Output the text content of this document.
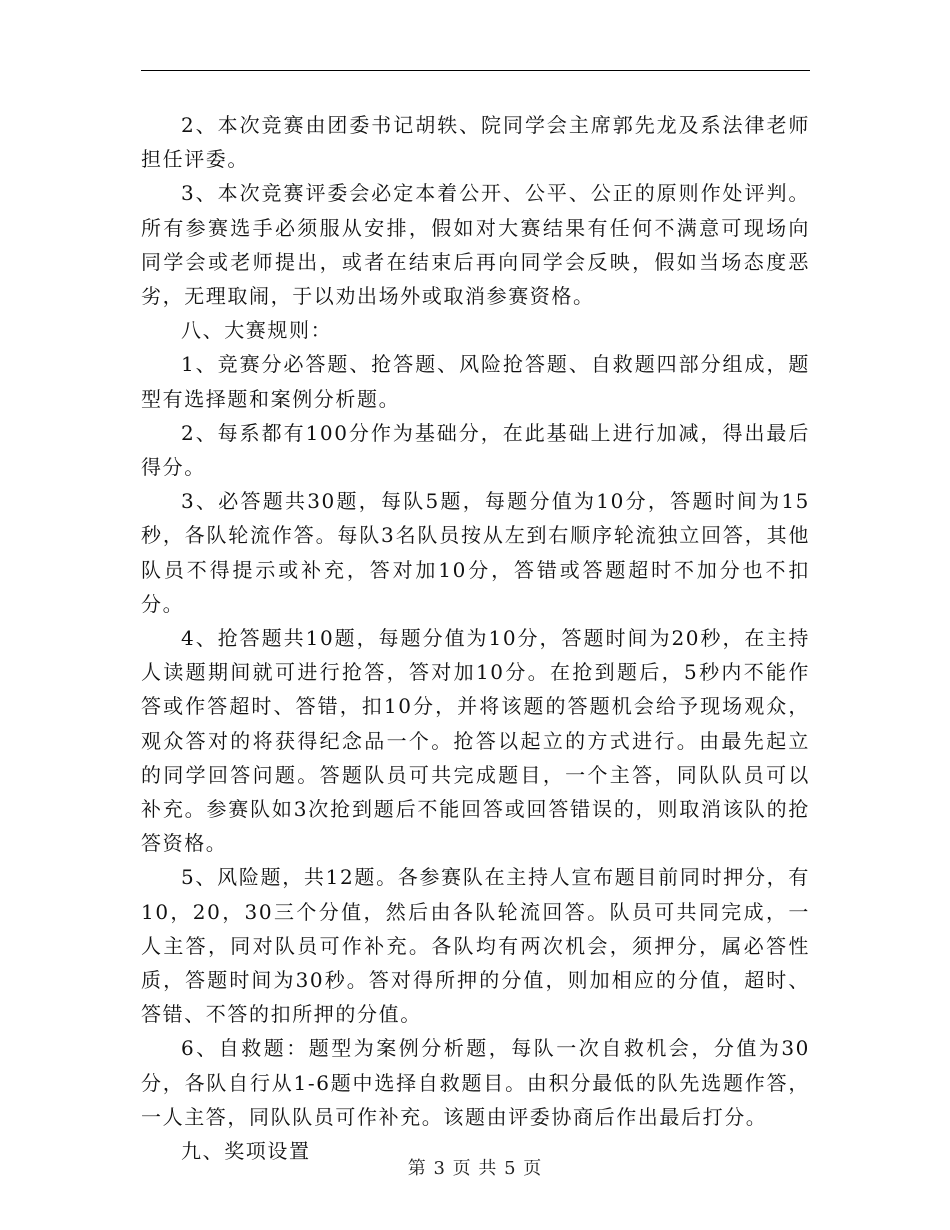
2、本次竞赛由团委书记胡轶、院同学会主席郭先龙及系法律老师担任评委。

3、本次竞赛评委会必定本着公开、公平、公正的原则作处评判。所有参赛选手必须服从安排，假如对大赛结果有任何不满意可现场向同学会或老师提出，或者在结束后再向同学会反映，假如当场态度恶劣，无理取闹，于以劝出场外或取消参赛资格。

八、大赛规则：

1、竞赛分必答题、抢答题、风险抢答题、自救题四部分组成，题型有选择题和案例分析题。

2、每系都有100分作为基础分，在此基础上进行加减，得出最后得分。

3、必答题共30题，每队5题，每题分值为10分，答题时间为15秒，各队轮流作答。每队3名队员按从左到右顺序轮流独立回答，其他队员不得提示或补充，答对加10分，答错或答题超时不加分也不扣分。

4、抢答题共10题，每题分值为10分，答题时间为20秒，在主持人读题期间就可进行抢答，答对加10分。在抢到题后，5秒内不能作答或作答超时、答错，扣10分，并将该题的答题机会给予现场观众，观众答对的将获得纪念品一个。抢答以起立的方式进行。由最先起立的同学回答问题。答题队员可共完成题目，一个主答，同队队员可以补充。参赛队如3次抢到题后不能回答或回答错误的，则取消该队的抢答资格。

5、风险题，共12题。各参赛队在主持人宣布题目前同时押分，有10，20，30三个分值，然后由各队轮流回答。队员可共同完成，一人主答，同对队员可作补充。各队均有两次机会，须押分，属必答性质，答题时间为30秒。答对得所押的分值，则加相应的分值，超时、答错、不答的扣所押的分值。

6、自救题：题型为案例分析题，每队一次自救机会，分值为30分，各队自行从1-6题中选择自救题目。由积分最低的队先选题作答，一人主答，同队队员可作补充。该题由评委协商后作出最后打分。

九、奖项设置

第 3 页 共 5 页
